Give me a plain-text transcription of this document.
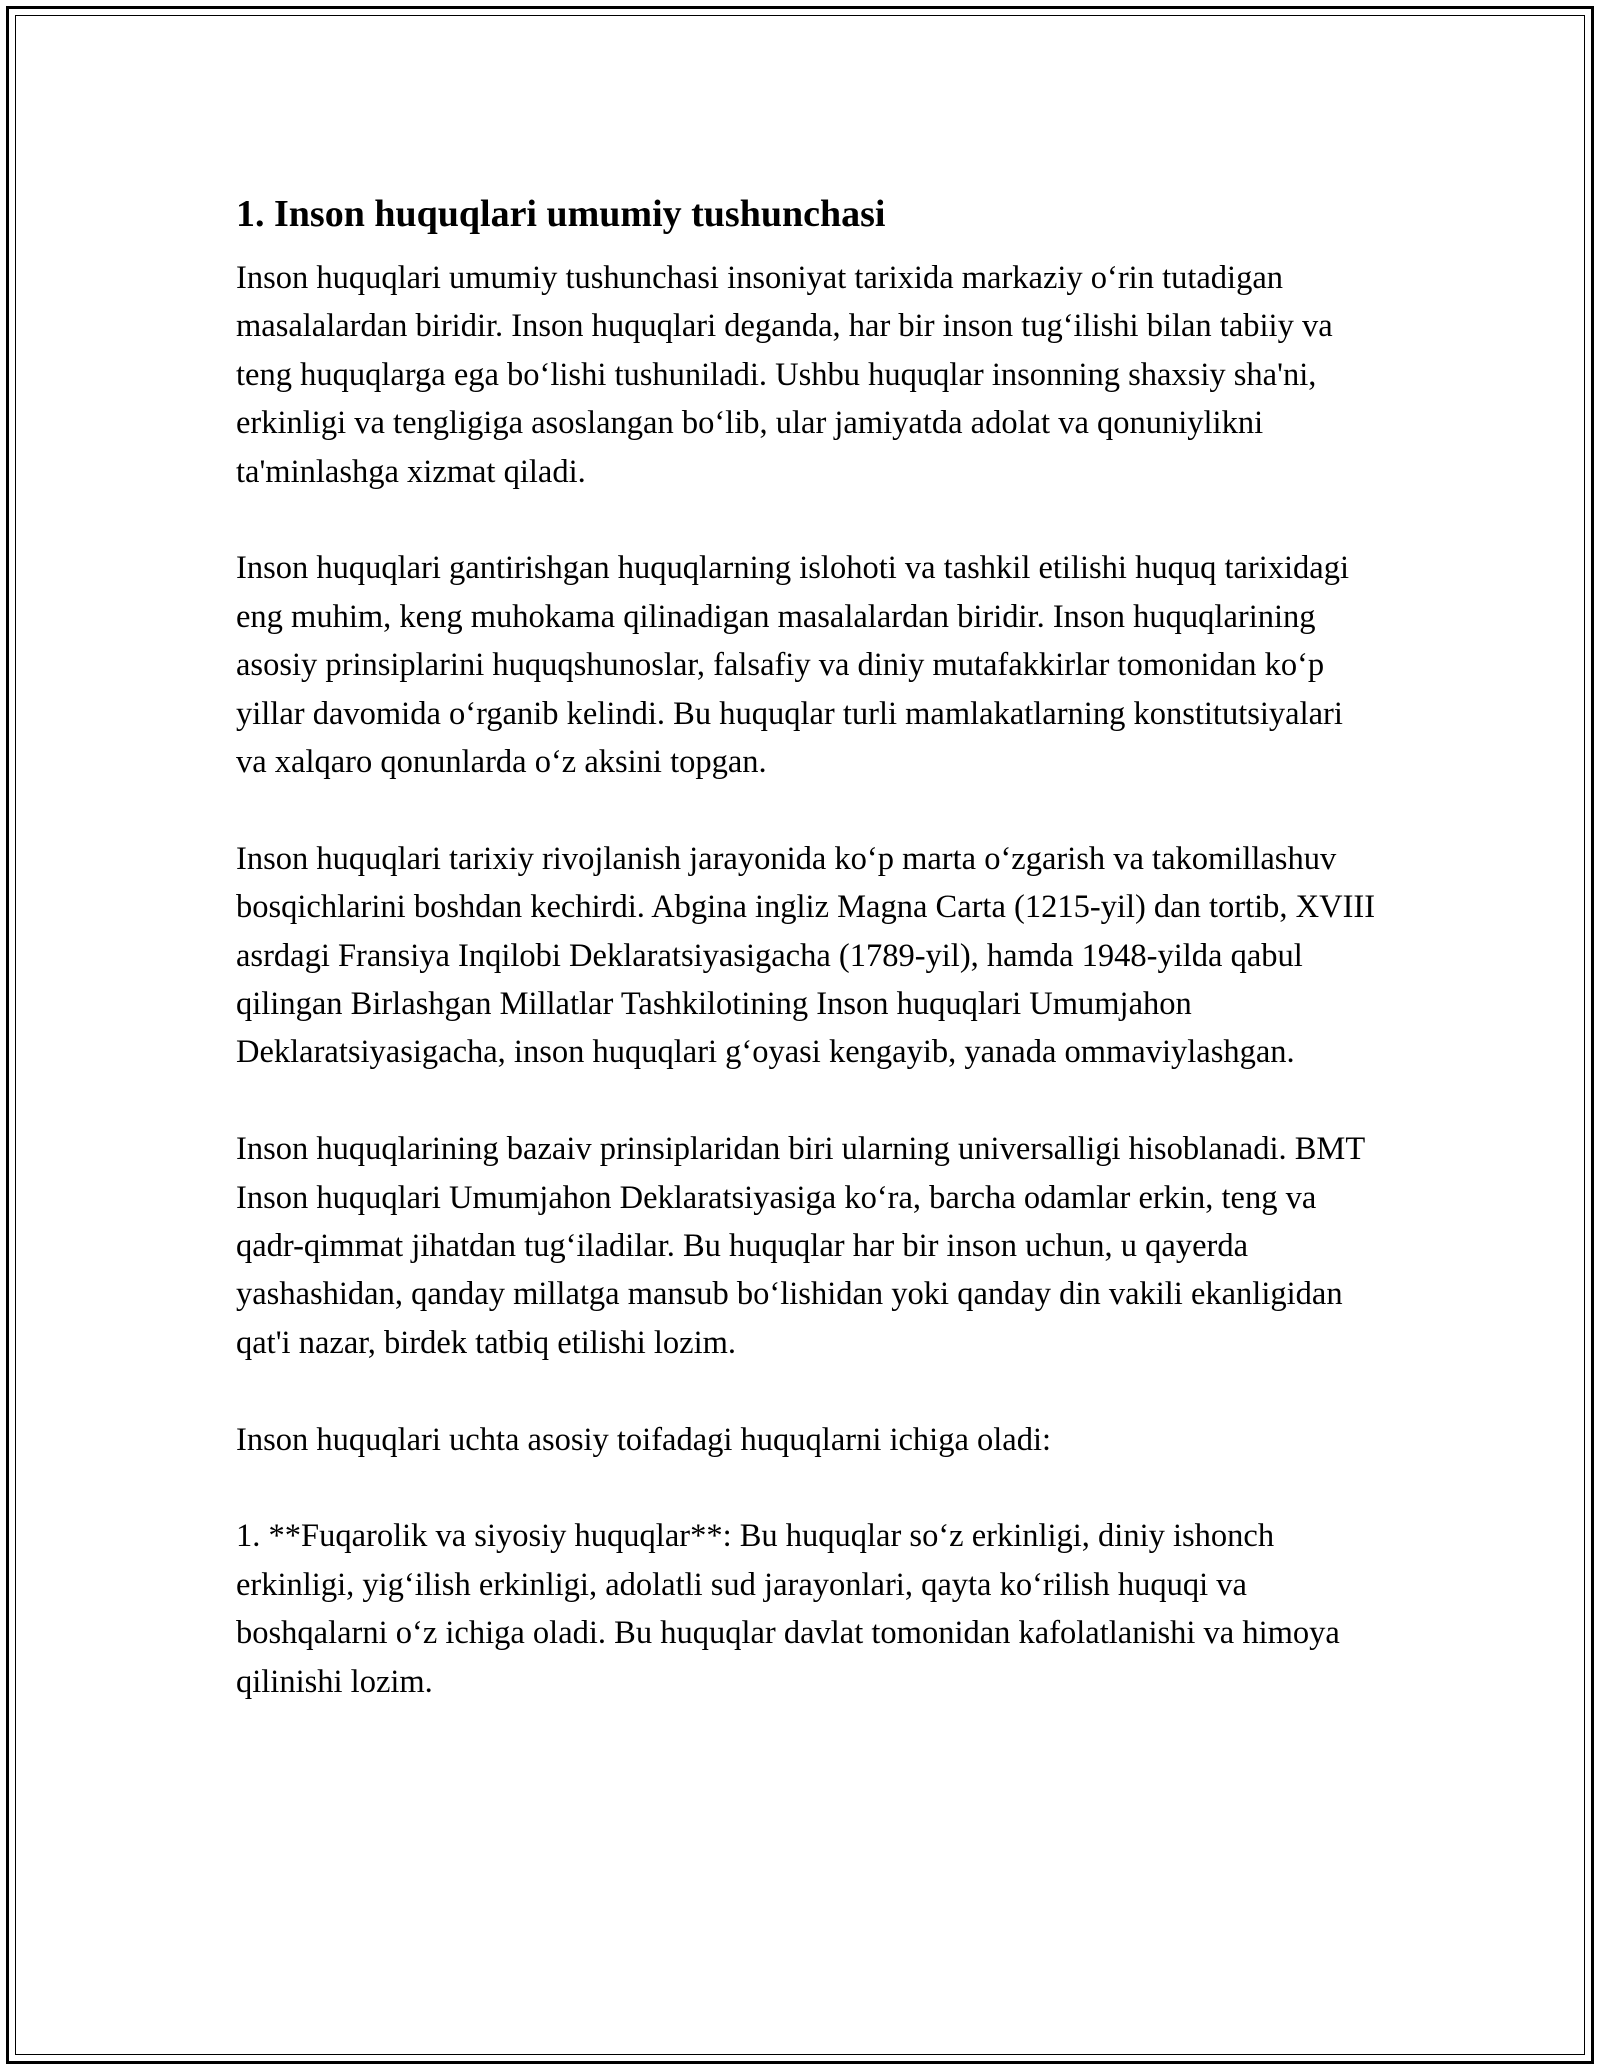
1. Inson huquqlari umumiy tushunchasi

Inson huquqlari umumiy tushunchasi insoniyat tarixida markaziy o‘rin tutadigan masalalardan biridir. Inson huquqlari deganda, har bir inson tug‘ilishi bilan tabiiy va teng huquqlarga ega bo‘lishi tushuniladi. Ushbu huquqlar insonning shaxsiy sha'ni, erkinligi va tengligiga asoslangan bo‘lib, ular jamiyatda adolat va qonuniylikni ta'minlashga xizmat qiladi.

Inson huquqlari gantirishgan huquqlarning islohoti va tashkil etilishi huquq tarixidagi eng muhim, keng muhokama qilinadigan masalalardan biridir. Inson huquqlarining asosiy prinsiplarini huquqshunoslar, falsafiy va diniy mutafakkirlar tomonidan ko‘p yillar davomida o‘rganib kelindi. Bu huquqlar turli mamlakatlarning konstitutsiyalari va xalqaro qonunlarda o‘z aksini topgan.

Inson huquqlari tarixiy rivojlanish jarayonida ko‘p marta o‘zgarish va takomillashuv bosqichlarini boshdan kechirdi. Abgina ingliz Magna Carta (1215-yil) dan tortib, XVIII asrdagi Fransiya Inqilobi Deklaratsiyasigacha (1789-yil), hamda 1948-yilda qabul qilingan Birlashgan Millatlar Tashkilotining Inson huquqlari Umumjahon Deklaratsiyasigacha, inson huquqlari g‘oyasi kengayib, yanada ommaviylashgan.

Inson huquqlarining bazaiv prinsiplaridan biri ularning universalligi hisoblanadi. BMT Inson huquqlari Umumjahon Deklaratsiyasiga ko‘ra, barcha odamlar erkin, teng va qadr-qimmat jihatdan tug‘iladilar. Bu huquqlar har bir inson uchun, u qayerda yashashidan, qanday millatga mansub bo‘lishidan yoki qanday din vakili ekanligidan qat'i nazar, birdek tatbiq etilishi lozim.

Inson huquqlari uchta asosiy toifadagi huquqlarni ichiga oladi:

1. **Fuqarolik va siyosiy huquqlar**: Bu huquqlar so‘z erkinligi, diniy ishonch erkinligi, yig‘ilish erkinligi, adolatli sud jarayonlari, qayta ko‘rilish huquqi va boshqalarni o‘z ichiga oladi. Bu huquqlar davlat tomonidan kafolatlanishi va himoya qilinishi lozim.
